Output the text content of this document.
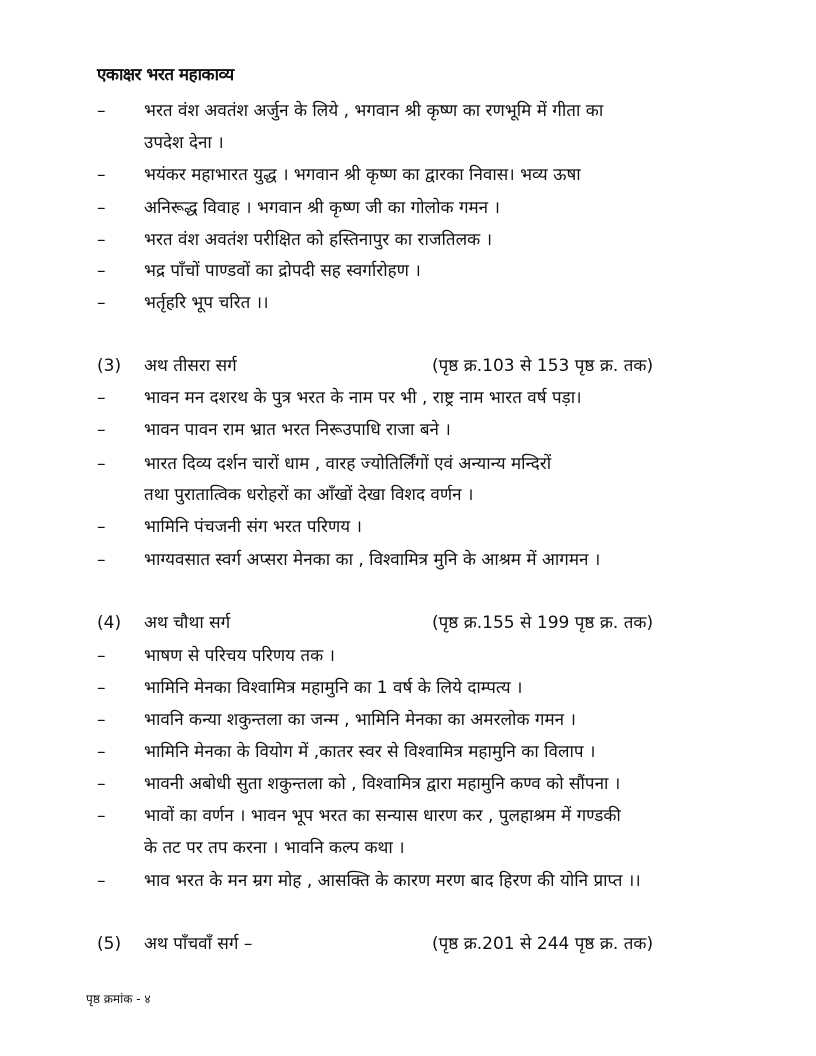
एकाक्षर भरत महाकाव्य
–	भरत वंश अवतंश अर्जुन के लिये , भगवान श्री कृष्ण का रणभूमि में गीता का
उपदेश देना ।
–	भयंकर महाभारत युद्ध । भगवान श्री कृष्ण का द्वारका निवास। भव्य ऊषा
–	अनिरूद्ध विवाह । भगवान श्री कृष्ण जी का गोलोक गमन ।
–	भरत वंश अवतंश परीक्षित को हस्तिनापुर का राजतिलक ।
–	भद्र पाँचों पाण्डवों का द्रोपदी सह स्वर्गारोहण ।
–	भर्तृहरि भूप चरित ।।
(3) अथ तीसरा सर्ग	(पृष्ठ क्र.103 से 153 पृष्ठ क्र. तक)
–	भावन मन दशरथ के पुत्र भरत के नाम पर भी , राष्ट्र नाम भारत वर्ष पड़ा।
–	भावन पावन राम भ्रात भरत निरूउपाधि राजा बने ।
–	भारत दिव्य दर्शन चारों धाम , वारह ज्योतिर्लिंगों एवं अन्यान्य मन्दिरों
तथा पुरातात्विक धरोहरों का आँखों देखा विशद वर्णन ।
–	भामिनि पंचजनी संग भरत परिणय ।
–	भाग्यवसात स्वर्ग अप्सरा मेनका का , विश्वामित्र मुनि के आश्रम में आगमन ।
(4) अथ चौथा सर्ग	(पृष्ठ क्र.155 से 199 पृष्ठ क्र. तक)
–	भाषण से परिचय परिणय तक ।
–	भामिनि मेनका विश्वामित्र महामुनि का 1 वर्ष के लिये दाम्पत्य ।
–	भावनि कन्या शकुन्तला का जन्म , भामिनि मेनका का अमरलोक गमन ।
–	भामिनि मेनका के वियोग में ,कातर स्वर से विश्वामित्र महामुनि का विलाप ।
–	भावनी अबोधी सुता शकुन्तला को , विश्वामित्र द्वारा महामुनि कण्व को सौंपना ।
–	भावों का वर्णन । भावन भूप भरत का सन्यास धारण कर , पुलहाश्रम में गण्डकी
के तट पर तप करना । भावनि कल्प कथा ।
–	भाव भरत के मन म्रग मोह , आसक्ति के कारण मरण बाद हिरण की योनि प्राप्त ।।
(5) अथ पाँचवाँ सर्ग –	(पृष्ठ क्र.201 से 244 पृष्ठ क्र. तक)
पृष्ठ क्रमांक - ४
